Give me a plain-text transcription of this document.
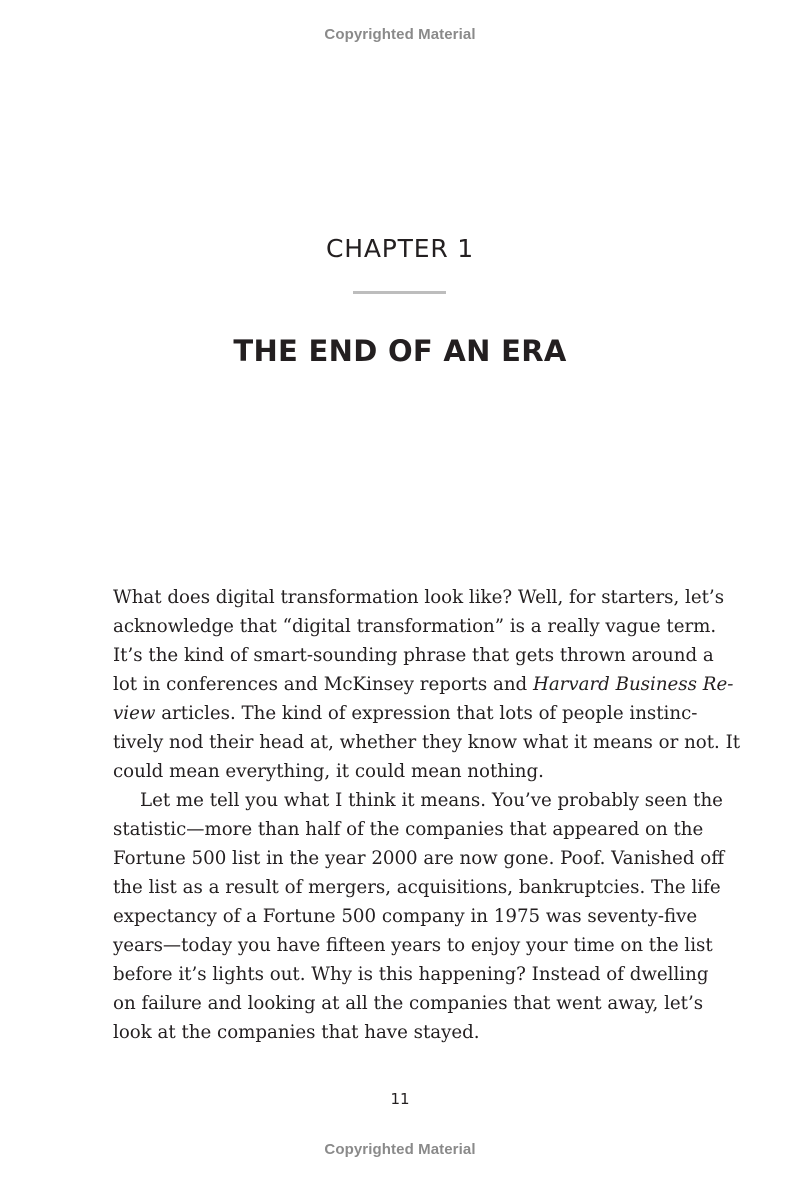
Copyrighted Material
CHAPTER 1
THE END OF AN ERA
What does digital transformation look like? Well, for starters, let’s
acknowledge that “digital transformation” is a really vague term.
It’s the kind of smart-sounding phrase that gets thrown around a
lot in conferences and McKinsey reports and Harvard Business Re-
view articles. The kind of expression that lots of people instinc-
tively nod their head at, whether they know what it means or not. It
could mean everything, it could mean nothing.
Let me tell you what I think it means. You’ve probably seen the
statistic—more than half of the companies that appeared on the
Fortune 500 list in the year 2000 are now gone. Poof. Vanished off
the list as a result of mergers, acquisitions, bankruptcies. The life
expectancy of a Fortune 500 company in 1975 was seventy-five
years—today you have fifteen years to enjoy your time on the list
before it’s lights out. Why is this happening? Instead of dwelling
on failure and looking at all the companies that went away, let’s
look at the companies that have stayed.
11
Copyrighted Material
